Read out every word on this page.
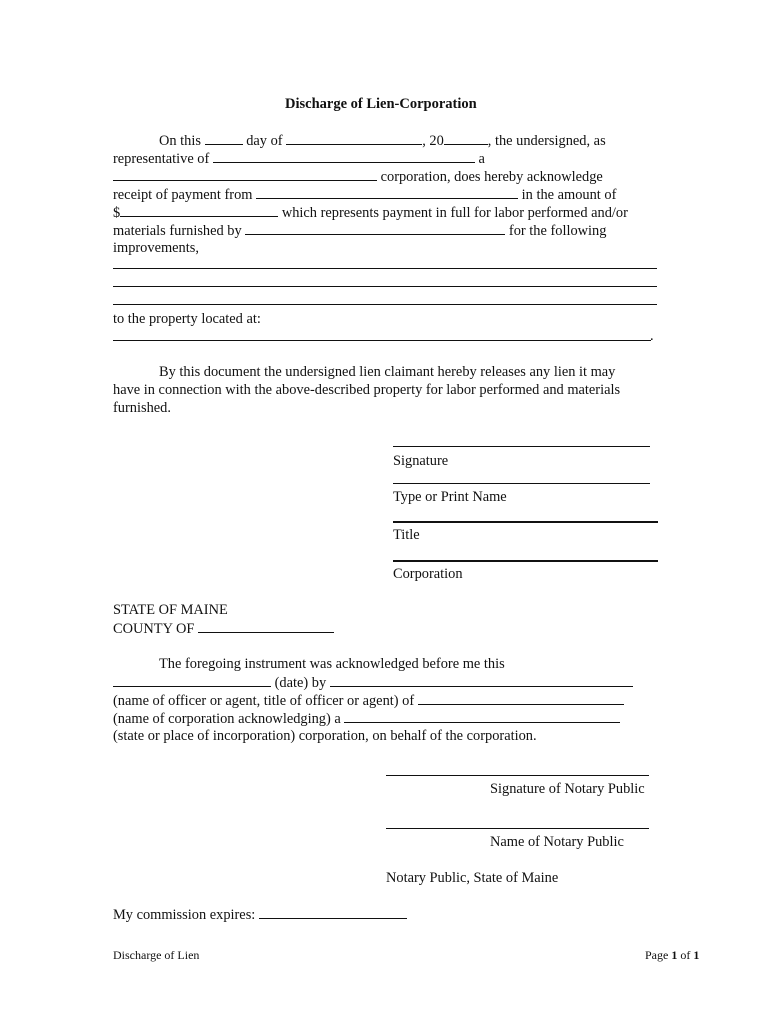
Discharge of Lien-Corporation
On this	day of	, 20	, the undersigned, as
representative of	a
corporation, does hereby acknowledge
receipt of payment from	in the amount of
$	which represents payment in full for labor performed and/or
materials furnished by	for the following
improvements,
to the property located at:
.
By this document the undersigned lien claimant hereby releases any lien it may
have in connection with the above-described property for labor performed and materials
furnished.
Signature
Type or Print Name
Title
Corporation
STATE OF MAINE
COUNTY OF
The foregoing instrument was acknowledged before me this
(date) by
(name of officer or agent, title of officer or agent) of
(name of corporation acknowledging) a
(state or place of incorporation) corporation, on behalf of the corporation.
Signature of Notary Public
Name of Notary Public
Notary Public, State of Maine
My commission expires:
Discharge of Lien	Page 1 of 1
